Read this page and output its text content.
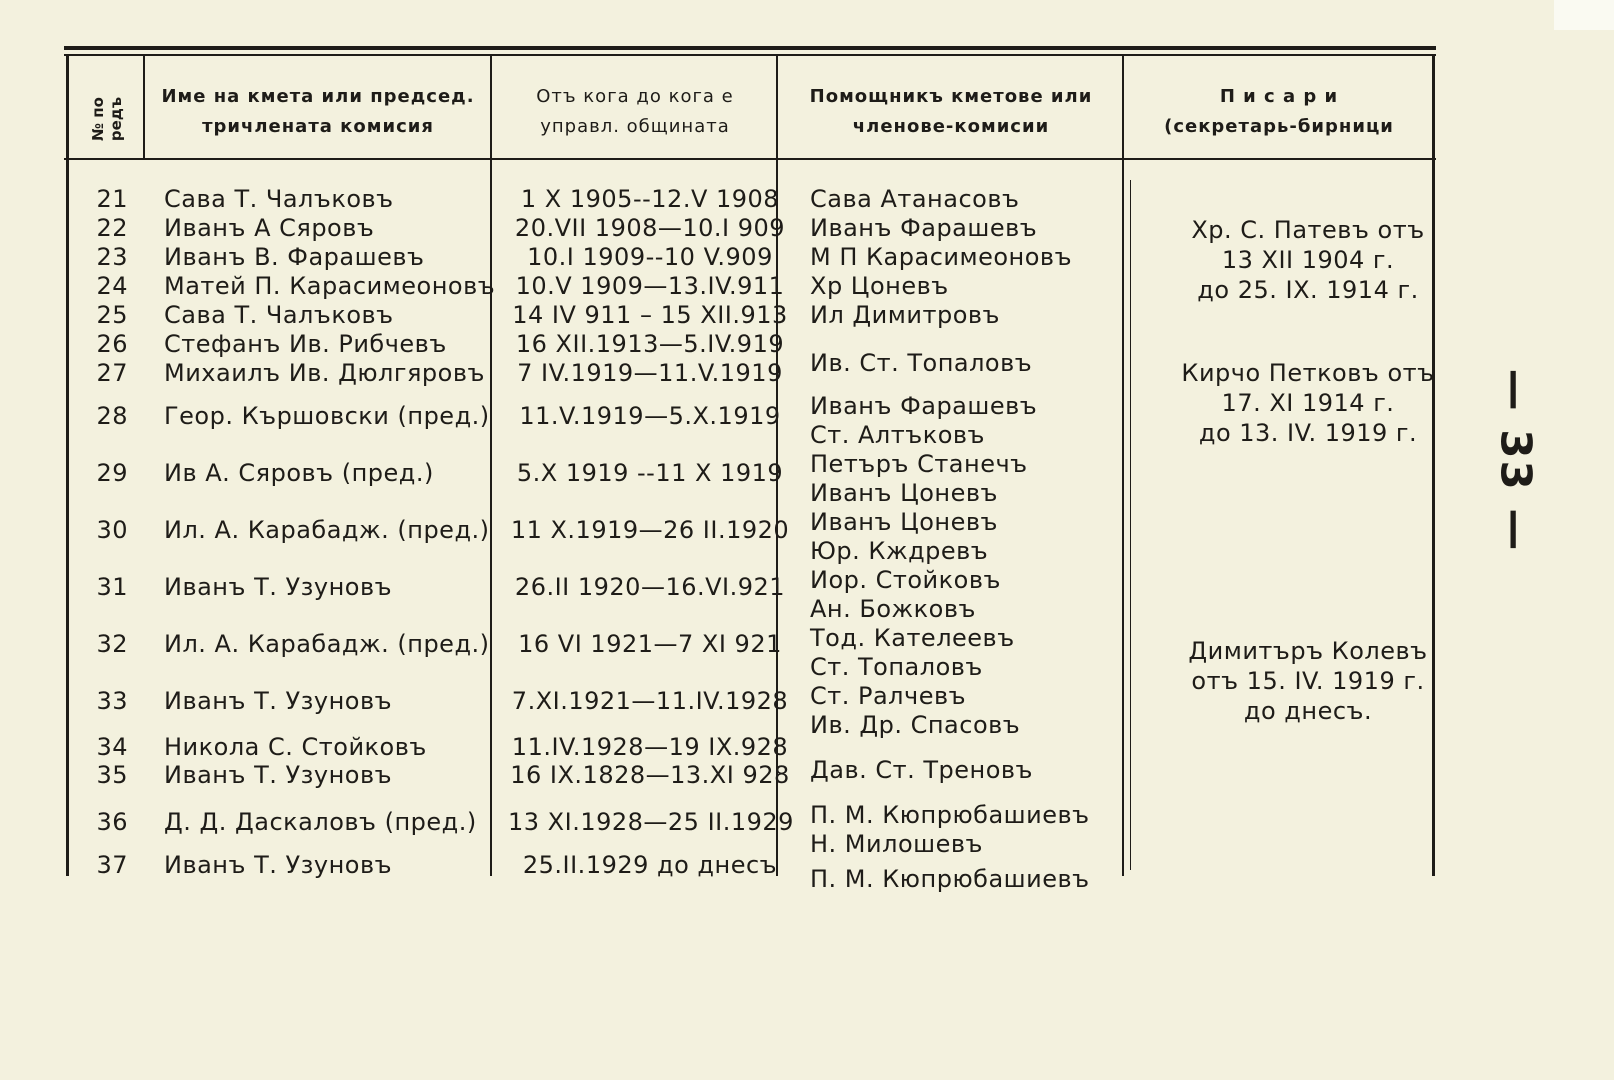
№ по
редъ
Име на кмета или председ.
тричлената комисия
Отъ кога до кога е
управл. общината
Помощникъ кметове или
членове-комисии
П и с а р и
(секретарь-бирници
21
22
23
24
25
26
27
28
29
30
31
32
33
34
35
36
37
Сава Т. Чалъковъ
Иванъ А Сяровъ
Иванъ В. Фарашевъ
Матей П. Карасимеоновъ
Сава Т. Чалъковъ
Стефанъ Ив. Рибчевъ
Михаилъ Ив. Дюлгяровъ
Геор. Кършовски (пред.)
Ив А. Сяровъ (пред.)
Ил. А. Карабадж. (пред.)
Иванъ Т. Узуновъ
Ил. А. Карабадж. (пред.)
Иванъ Т. Узуновъ
Никола С. Стойковъ
Иванъ Т. Узуновъ
Д. Д. Даскаловъ (пред.)
Иванъ Т. Узуновъ
1 X 1905--12.V 1908
20.VII 1908—10.I 909
10.I 1909--10 V.909
10.V 1909—13.IV.911
14 IV 911 – 15 XII.913
16 XII.1913—5.IV.919
7 IV.1919—11.V.1919
11.V.1919—5.X.1919
5.X 1919 --11 X 1919
11 X.1919—26 II.1920
26.II 1920—16.VI.921
16 VI 1921—7 XI 921
7.XI.1921—11.IV.1928
11.IV.1928—19 IX.928
16 IX.1828—13.XI 928
13 XI.1928—25 II.1929
25.II.1929 до днесъ
Сава Атанасовъ
Иванъ Фарашевъ
М П Карасимеоновъ
Хр Цоневъ
Ил Димитровъ
Ив. Ст. Топаловъ
Иванъ Фарашевъ
Ст. Алтъковъ
Петъръ Станечъ
Иванъ Цоневъ
Иванъ Цоневъ
Юр. Кждревъ
Иор. Стойковъ
Ан. Божковъ
Тод. Кателеевъ
Ст. Топаловъ
Ст. Ралчевъ
Ив. Др. Спасовъ
Дав. Ст. Треновъ
П. М. Кюпрюбашиевъ
Н. Милошевъ
П. М. Кюпрюбашиевъ
Хр. С. Патевъ отъ
13 XII 1904 г.
до 25. IX. 1914 г.
Кирчо Петковъ отъ
17. XI 1914 г.
до 13. IV. 1919 г.
Димитъръ Колевъ
отъ 15. IV. 1919 г.
до днесъ.
— 33 —
